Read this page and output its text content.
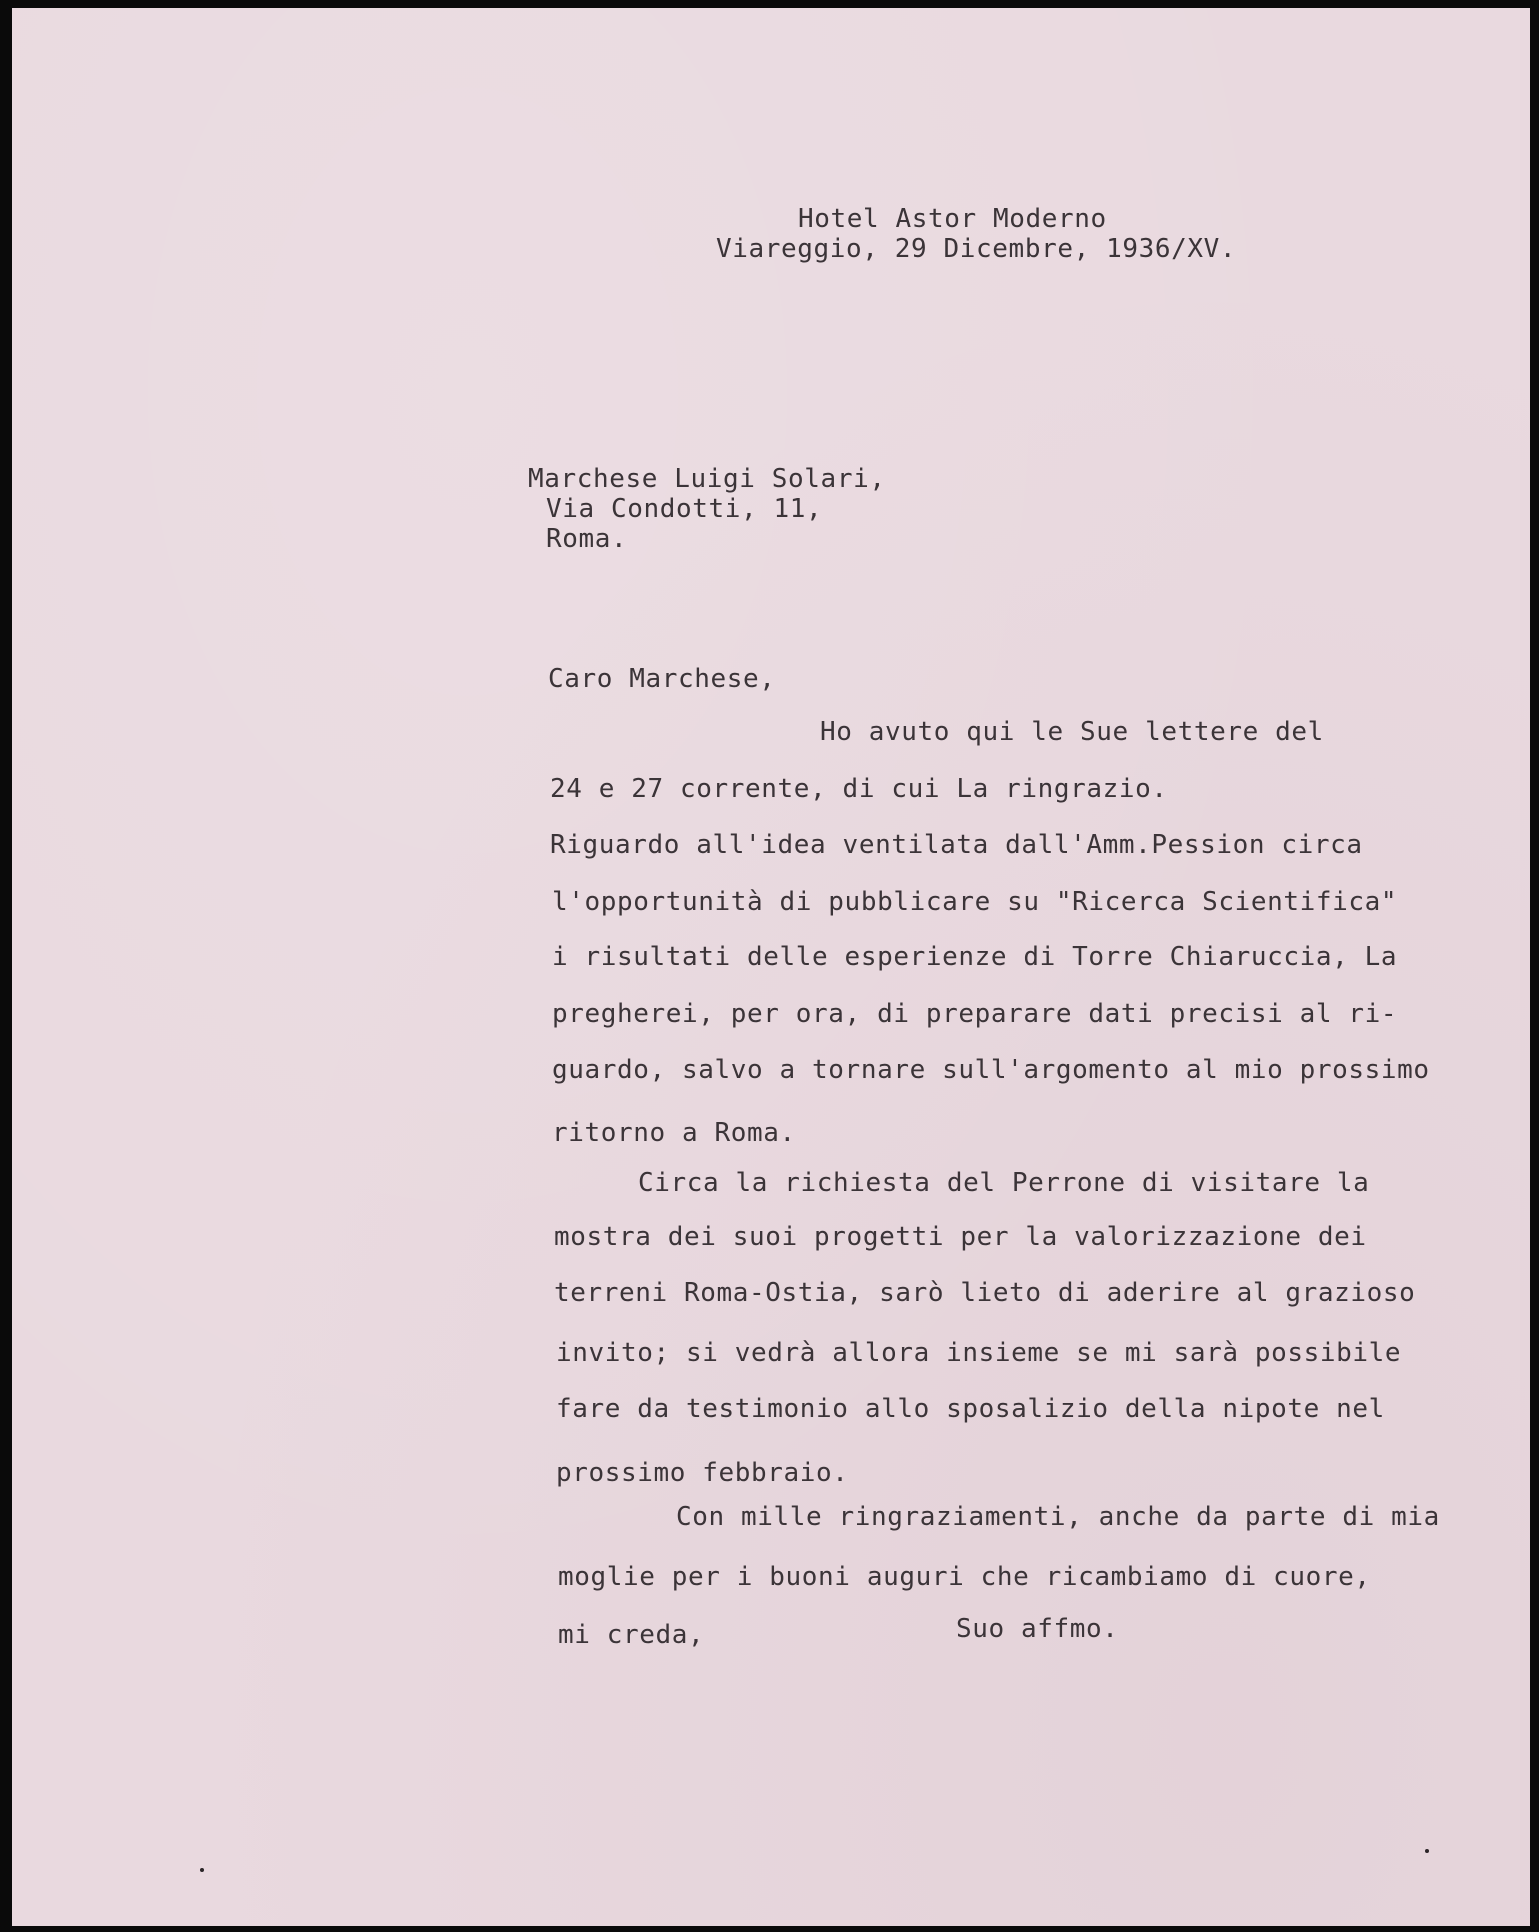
Hotel Astor Moderno

Viareggio, 29 Dicembre, 1936/XV.

Marchese Luigi Solari,

Via Condotti, 11,

Roma.

Caro Marchese,

Ho avuto qui le Sue lettere del

24 e 27 corrente, di cui La ringrazio.

Riguardo all'idea ventilata dall'Amm.Pession circa

l'opportunità di pubblicare su "Ricerca Scientifica"

i risultati delle esperienze di Torre Chiaruccia, La

pregherei, per ora, di preparare dati precisi al ri-

guardo, salvo a tornare sull'argomento al mio prossimo

ritorno a Roma.

Circa la richiesta del Perrone di visitare la

mostra dei suoi progetti per la valorizzazione dei

terreni Roma-Ostia, sarò lieto di aderire al grazioso

invito; si vedrà allora insieme se mi sarà possibile

fare da testimonio allo sposalizio della nipote nel

prossimo febbraio.

Con mille ringraziamenti, anche da parte di mia

moglie per i buoni auguri che ricambiamo di cuore,

mi creda,	Suo affmo.
